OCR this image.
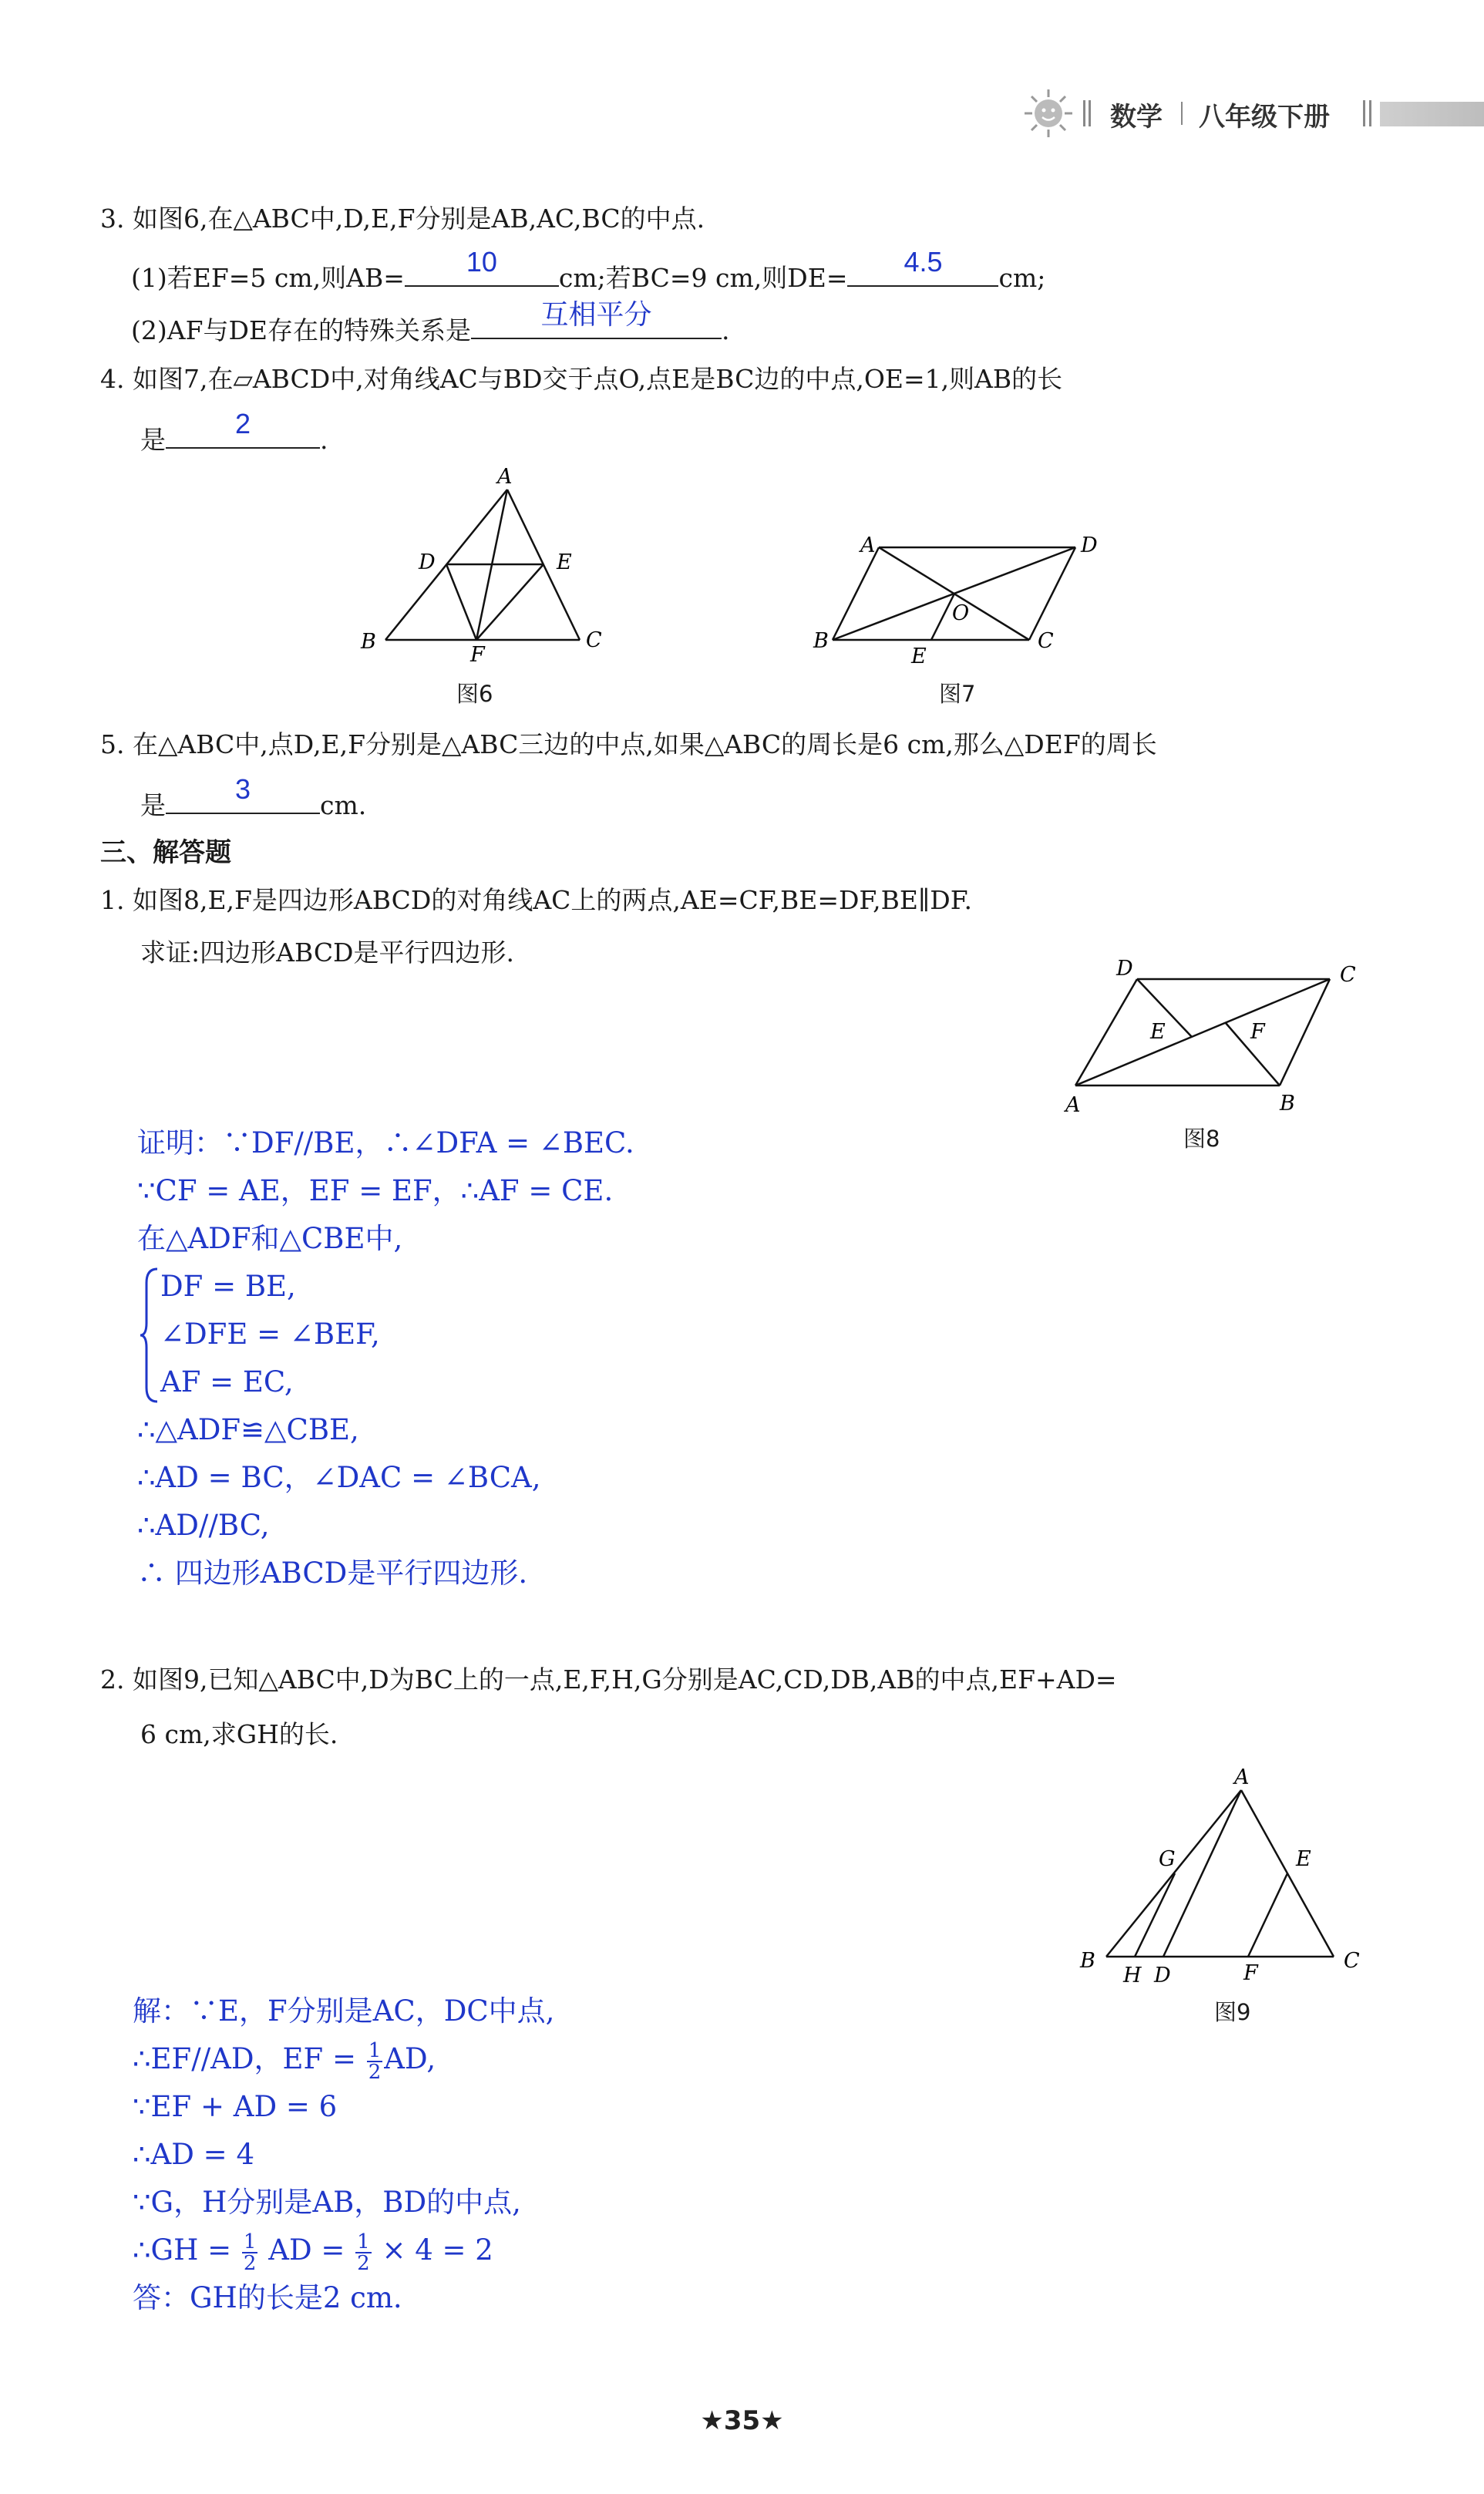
数学 八年级下册
3. 如图6,在△ABC中,D,E,F分别是AB,AC,BC的中点.
(1)若EF=5 cm,则AB=
10
cm;若BC=9 cm,则DE=
4.5
cm;
(2)AF与DE存在的特殊关系是
互相平分
.
4. 如图7,在▱ABCD中,对角线AC与BD交于点O,点E是BC边的中点,OE=1,则AB的长
是
2
.
A
D	E
B	C
F
图6
A	D
B	C
O
E
图7
5. 在△ABC中,点D,E,F分别是△ABC三边的中点,如果△ABC的周长是6 cm,那么△DEF的周长
是
3
cm.
三、解答题
1. 如图8,E,F是四边形ABCD的对角线AC上的两点,AE=CF,BE=DF,BE∥DF.
求证:四边形ABCD是平行四边形.
D	C
E	F
A	B
图8
证明：∵DF//BE，∴∠DFA = ∠BEC.
∵CF = AE，EF = EF，∴AF = CE.
在△ADF和△CBE中,
DF = BE,
∠DFE = ∠BEF,
AF = EC,
∴△ADF≌△CBE,
∴AD = BC，∠DAC = ∠BCA,
∴AD//BC,
∴ 四边形ABCD是平行四边形.
2. 如图9,已知△ABC中,D为BC上的一点,E,F,H,G分别是AC,CD,DB,AB的中点,EF+AD=
6 cm,求GH的长.
A
G	E
B	C
H D	F
图9
解：∵E，F分别是AC，DC中点,
∴EF//AD，EF = $\frac{1}{2}$ AD,
∵EF + AD = 6
∴AD = 4
∵G，H分别是AB，BD的中点,
∴GH = $\frac{1}{2}$ AD = $\frac{1}{2} \times 4 = 2$
答：GH的长是2 cm.
★35★
